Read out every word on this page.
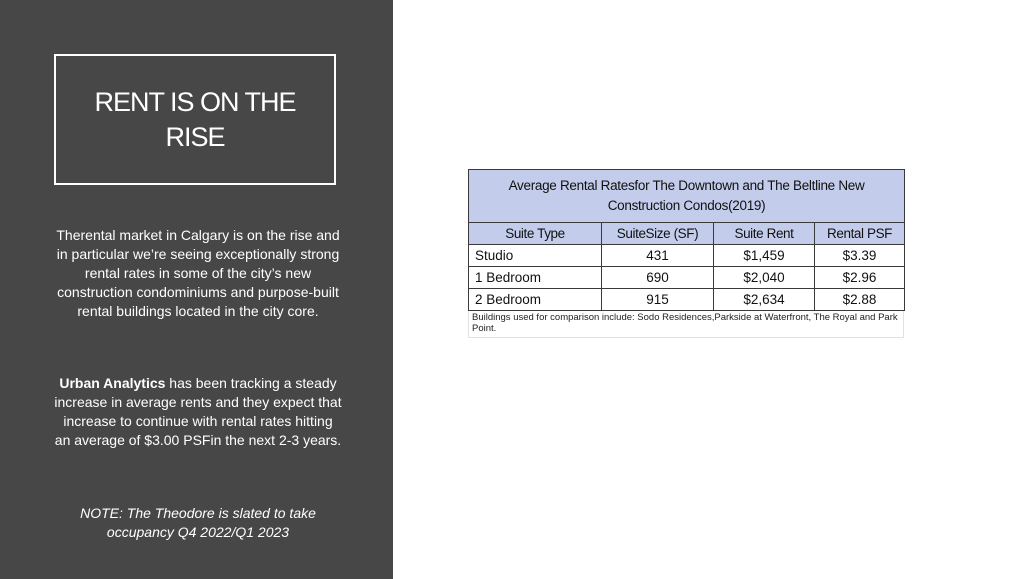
RENT IS ON THE RISE
Therental market in Calgary is on the rise and in particular we’re seeing exceptionally strong rental rates in some of the city’s new construction condominiums and purpose-built rental buildings located in the city core.
Urban Analytics has been tracking a steady increase in average rents and they expect that increase to continue with rental rates hitting an average of $3.00 PSFin the next 2-3 years.
NOTE: The Theodore is slated to take occupancy Q4 2022/Q1 2023
Average Rental Ratesfor The Downtown and The Beltline New Construction Condos(2019)			
Suite Type	SuiteSize (SF)	Suite Rent	Rental PSF
Studio	431	$1,459	$3.39
1 Bedroom	690	$2,040	$2.96
2 Bedroom	915	$2,634	$2.88
Buildings used for comparison include: Sodo Residences,Parkside at Waterfront, The Royal and Park Point.
